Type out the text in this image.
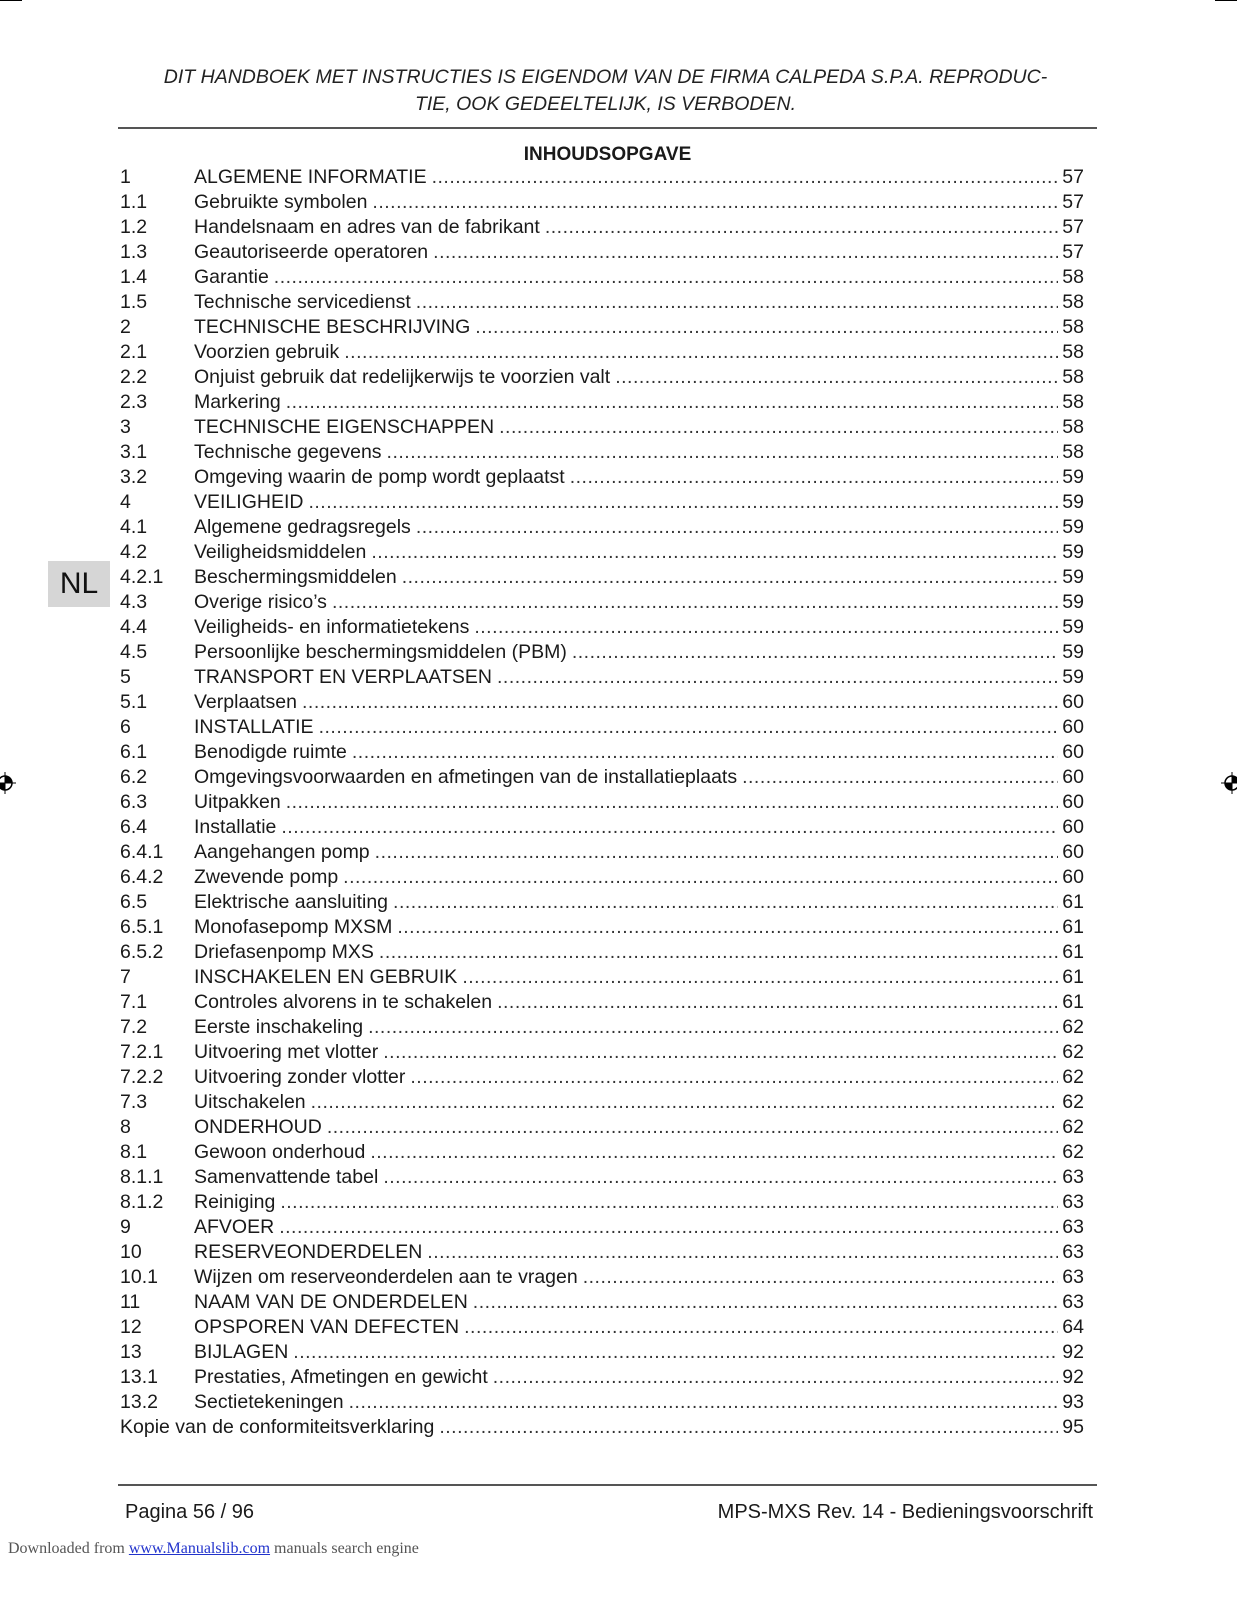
DIT HANDBOEK MET INSTRUCTIES IS EIGENDOM VAN DE FIRMA CALPEDA S.P.A. REPRODUC-
TIE, OOK GEDEELTELIJK, IS VERBODEN.
INHOUDSOPGAVE
1	ALGEMENE INFORMATIE .....	57
1.1	Gebruikte symbolen .....	57
1.2	Handelsnaam en adres van de fabrikant .....	57
1.3	Geautoriseerde operatoren .....	57
1.4	Garantie .....	58
1.5	Technische servicedienst .....	58
2	TECHNISCHE BESCHRIJVING .....	58
2.1	Voorzien gebruik .....	58
2.2	Onjuist gebruik dat redelijkerwijs te voorzien valt .....	58
2.3	Markering .....	58
3	TECHNISCHE EIGENSCHAPPEN .....	58
3.1	Technische gegevens .....	58
3.2	Omgeving waarin de pomp wordt geplaatst .....	59
4	VEILIGHEID .....	59
4.1	Algemene gedragsregels .....	59
4.2	Veiligheidsmiddelen .....	59
4.2.1	Beschermingsmiddelen .....	59
4.3	Overige risico’s .....	59
4.4	Veiligheids- en informatietekens .....	59
4.5	Persoonlijke beschermingsmiddelen (PBM) .....	59
5	TRANSPORT EN VERPLAATSEN .....	59
5.1	Verplaatsen .....	60
6	INSTALLATIE .....	60
6.1	Benodigde ruimte .....	60
6.2	Omgevingsvoorwaarden en afmetingen van de installatieplaats .....	60
6.3	Uitpakken .....	60
6.4	Installatie .....	60
6.4.1	Aangehangen pomp .....	60
6.4.2	Zwevende pomp .....	60
6.5	Elektrische aansluiting .....	61
6.5.1	Monofasepomp MXSM .....	61
6.5.2	Driefasenpomp MXS .....	61
7	INSCHAKELEN EN GEBRUIK .....	61
7.1	Controles alvorens in te schakelen .....	61
7.2	Eerste inschakeling .....	62
7.2.1	Uitvoering met vlotter .....	62
7.2.2	Uitvoering zonder vlotter .....	62
7.3	Uitschakelen .....	62
8	ONDERHOUD .....	62
8.1	Gewoon onderhoud .....	62
8.1.1	Samenvattende tabel .....	63
8.1.2	Reiniging .....	63
9	AFVOER .....	63
10	RESERVEONDERDELEN .....	63
10.1	Wijzen om reserveonderdelen aan te vragen .....	63
11	NAAM VAN DE ONDERDELEN .....	63
12	OPSPOREN VAN DEFECTEN .....	64
13	BIJLAGEN .....	92
13.1	Prestaties, Afmetingen en gewicht .....	92
13.2	Sectietekeningen .....	93
Kopie van de conformiteitsverklaring .....	95
NL
Pagina 56 / 96	MPS-MXS Rev. 14 - Bedieningsvoorschrift
Downloaded from www.Manualslib.com manuals search engine
